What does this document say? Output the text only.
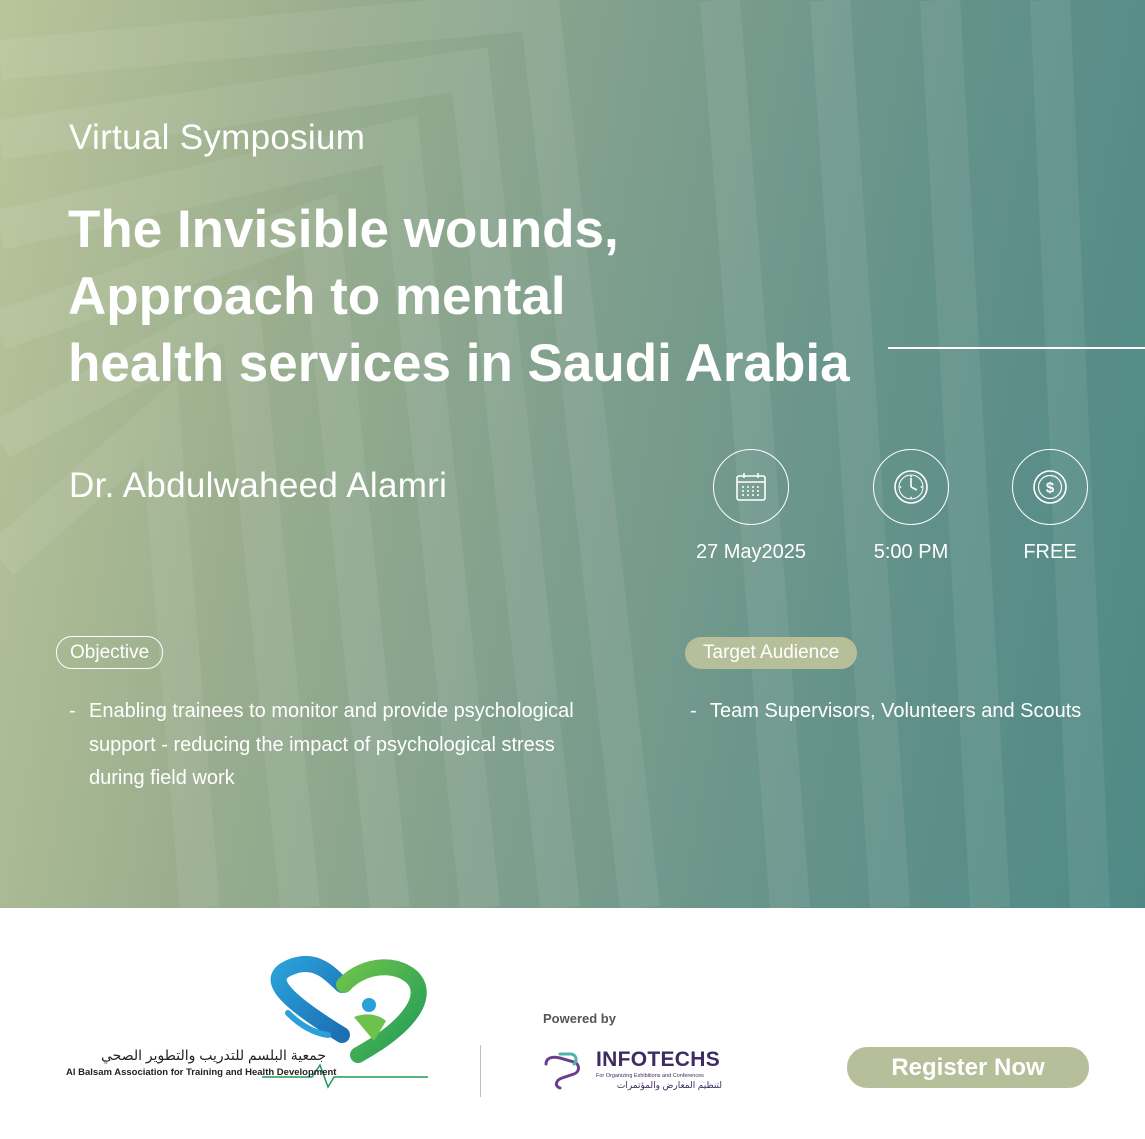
Virtual Symposium
The Invisible wounds,
Approach to mental
health services in Saudi Arabia
Dr. Abdulwaheed Alamri
27 May2025	5:00 PM
$
FREE
Objective	Target Audience
- Enabling trainees to monitor and provide psychological support - reducing the impact of psychological stress during field work
- Team Supervisors, Volunteers and Scouts
جمعية البلسم للتدريب والتطوير الصحي
Al Balsam Association for Training and Health Development
Powered by
INFOTECHS
For Organizing Exhibitions and Conferences
لتنظيم المعارض والمؤتمرات
Register Now
